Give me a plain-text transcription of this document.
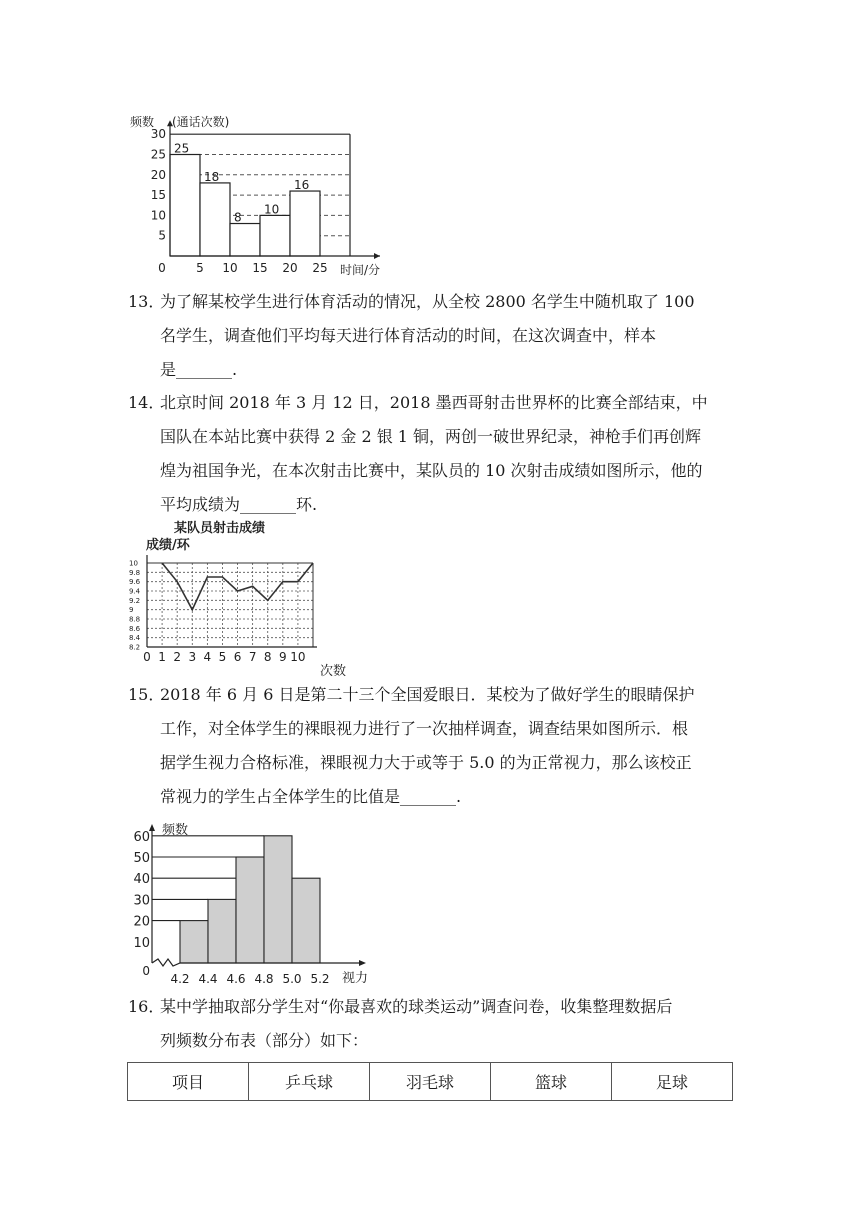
25
18
8
10
16
频数 (通话次数)
时间/分
5
10
15
20
25
30
0	5 10 15 20 25
13．
为了解某校学生进行体育活动的情况，从全校 2800 名学生中随机取了 100
名学生，调查他们平均每天进行体育活动的时间，在这次调查中，样本
是_______.
14．
北京时间 2018 年 3 月 12 日，2018 墨西哥射击世界杯的比赛全部结束，中
国队在本站比赛中获得 2 金 2 银 1 铜，两创一破世界纪录，神枪手们再创辉
煌为祖国争光，在本次射击比赛中，某队员的 10 次射击成绩如图所示，他的
平均成绩为_______环.
某队员射击成绩
成绩/环
次数
10
9.8
9.6
9.4
9.2
9
8.8
8.6
8.4
8.2
0 1 2 3 4 5 6 7 8 9 10
15．
2018 年 6 月 6 日是第二十三个全国爱眼日．某校为了做好学生的眼睛保护
工作，对全体学生的裸眼视力进行了一次抽样调查，调查结果如图所示．根
据学生视力合格标准，裸眼视力大于或等于 5.0 的为正常视力，那么该校正
常视力的学生占全体学生的比值是_______.
频数
视力
10
20
30
40
50
60
0
4.2 4.4 4.6 4.8 5.0 5.2
16．
某中学抽取部分学生对“你最喜欢的球类运动”调查问卷，收集整理数据后
列频数分布表（部分）如下：
项目	乒乓球	羽毛球	篮球	足球
